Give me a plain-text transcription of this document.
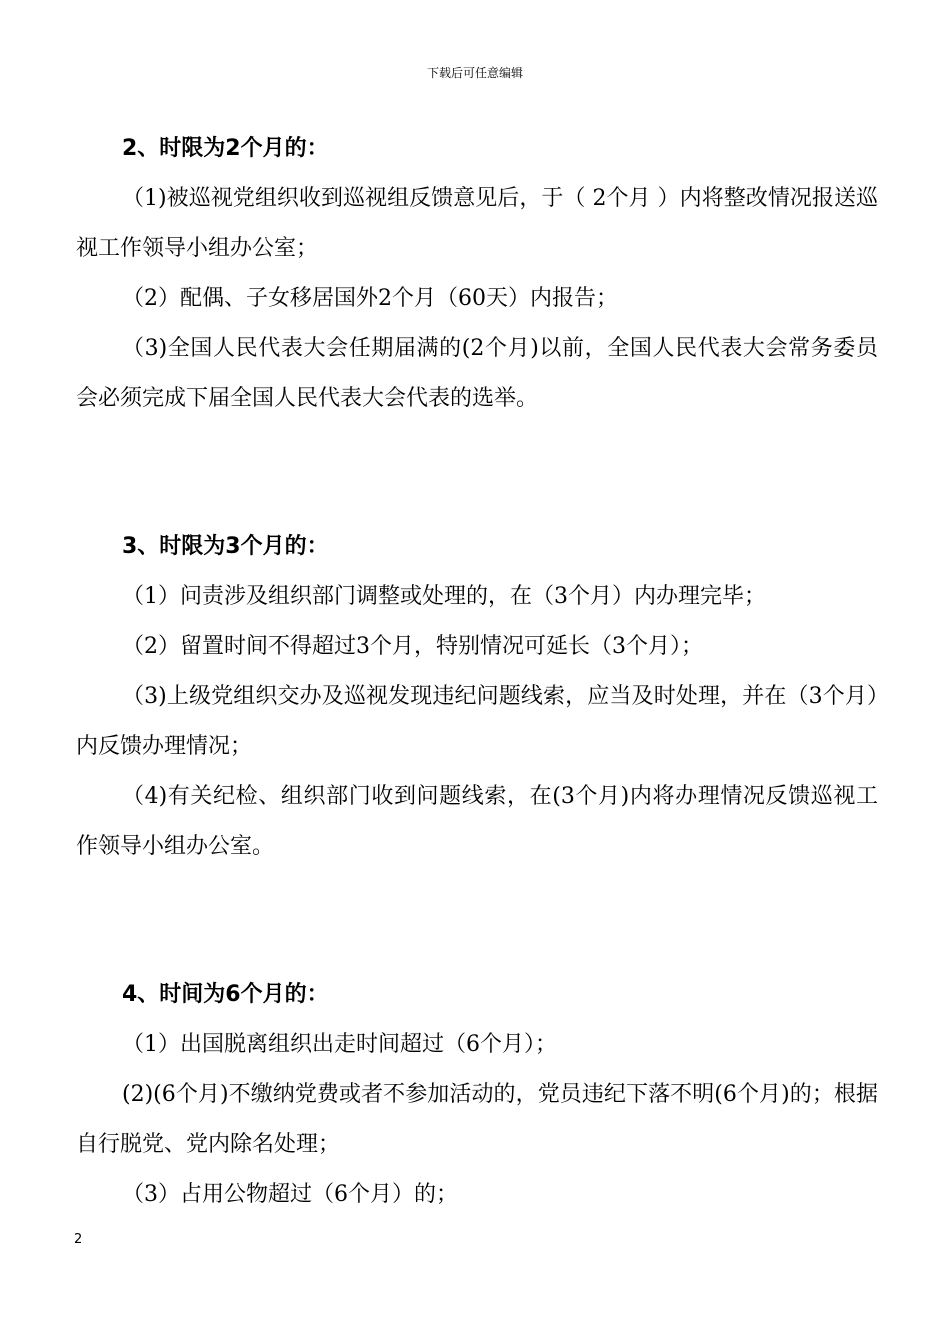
下载后可任意编辑

2、时限为2个月的：

（1)被巡视党组织收到巡视组反馈意见后，于（ 2个月 ）内将整改情况报送巡视工作领导小组办公室；

（2）配偶、子女移居国外2个月（60天）内报告；

（3)全国人民代表大会任期届满的(2个月)以前，全国人民代表大会常务委员会必须完成下届全国人民代表大会代表的选举。

3、时限为3个月的：

（1）问责涉及组织部门调整或处理的，在（3个月）内办理完毕；

（2）留置时间不得超过3个月，特别情况可延长（3个月）；

（3)上级党组织交办及巡视发现违纪问题线索，应当及时处理，并在（3个月）内反馈办理情况；

（4)有关纪检、组织部门收到问题线索，在(3个月)内将办理情况反馈巡视工作领导小组办公室。

4、时间为6个月的：

（1）出国脱离组织出走时间超过（6个月）；

(2)(6个月)不缴纳党费或者不参加活动的，党员违纪下落不明(6个月)的；根据自行脱党、党内除名处理；

（3）占用公物超过（6个月）的；

2
